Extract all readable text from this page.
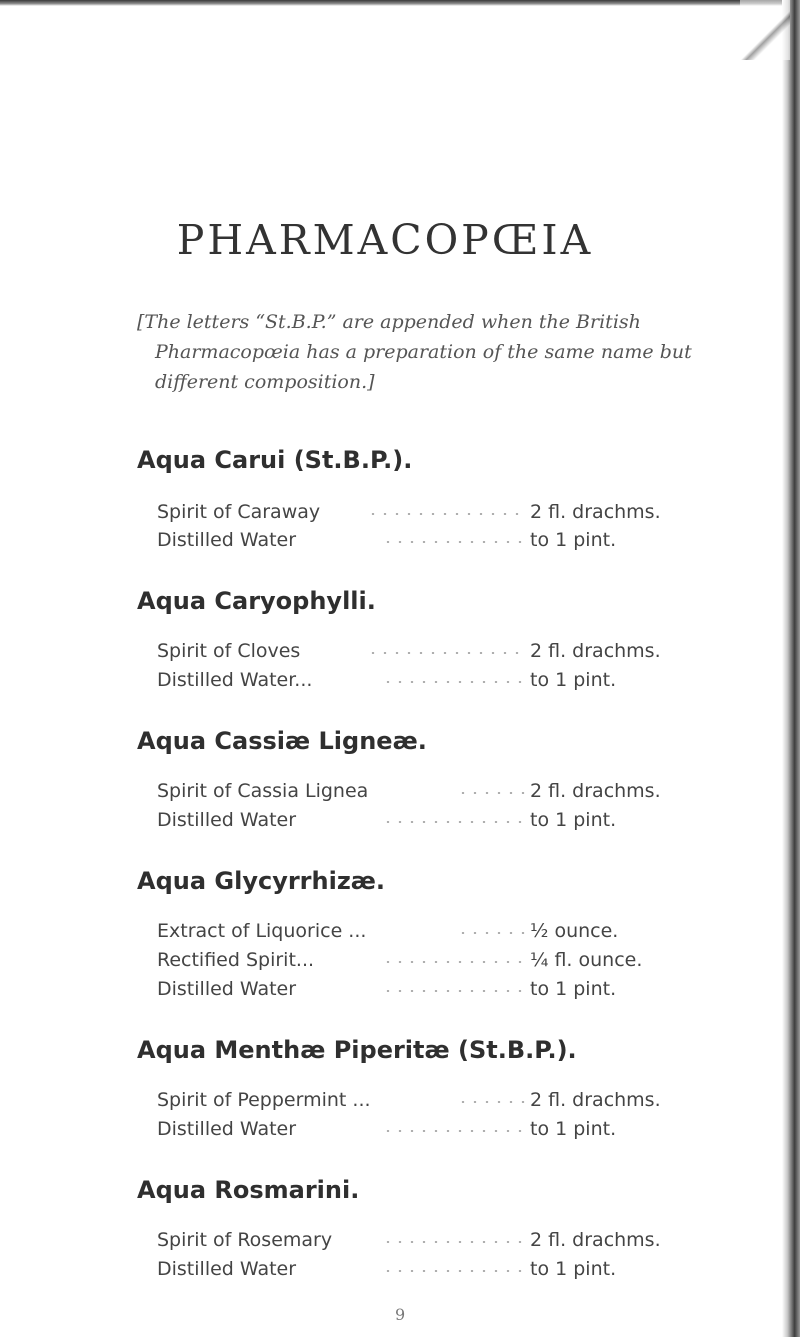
PHARMACOPŒIA
[The letters “St.B.P.” are appended when the British
Pharmacopœia has a preparation of the same name but
different composition.]
Aqua Carui (St.B.P.).
Spirit of Caraway	2 fl. drachms.
Distilled Water	to 1 pint.
Aqua Caryophylli.
Spirit of Cloves	2 fl. drachms.
Distilled Water...	to 1 pint.
Aqua Cassiæ Ligneæ.
Spirit of Cassia Lignea	2 fl. drachms.
Distilled Water	to 1 pint.
Aqua Glycyrrhizæ.
Extract of Liquorice ...	½ ounce.
Rectified Spirit...	¼ fl. ounce.
Distilled Water	to 1 pint.
Aqua Menthæ Piperitæ (St.B.P.).
Spirit of Peppermint ...	2 fl. drachms.
Distilled Water	to 1 pint.
Aqua Rosmarini.
Spirit of Rosemary	2 fl. drachms.
Distilled Water	to 1 pint.
9
